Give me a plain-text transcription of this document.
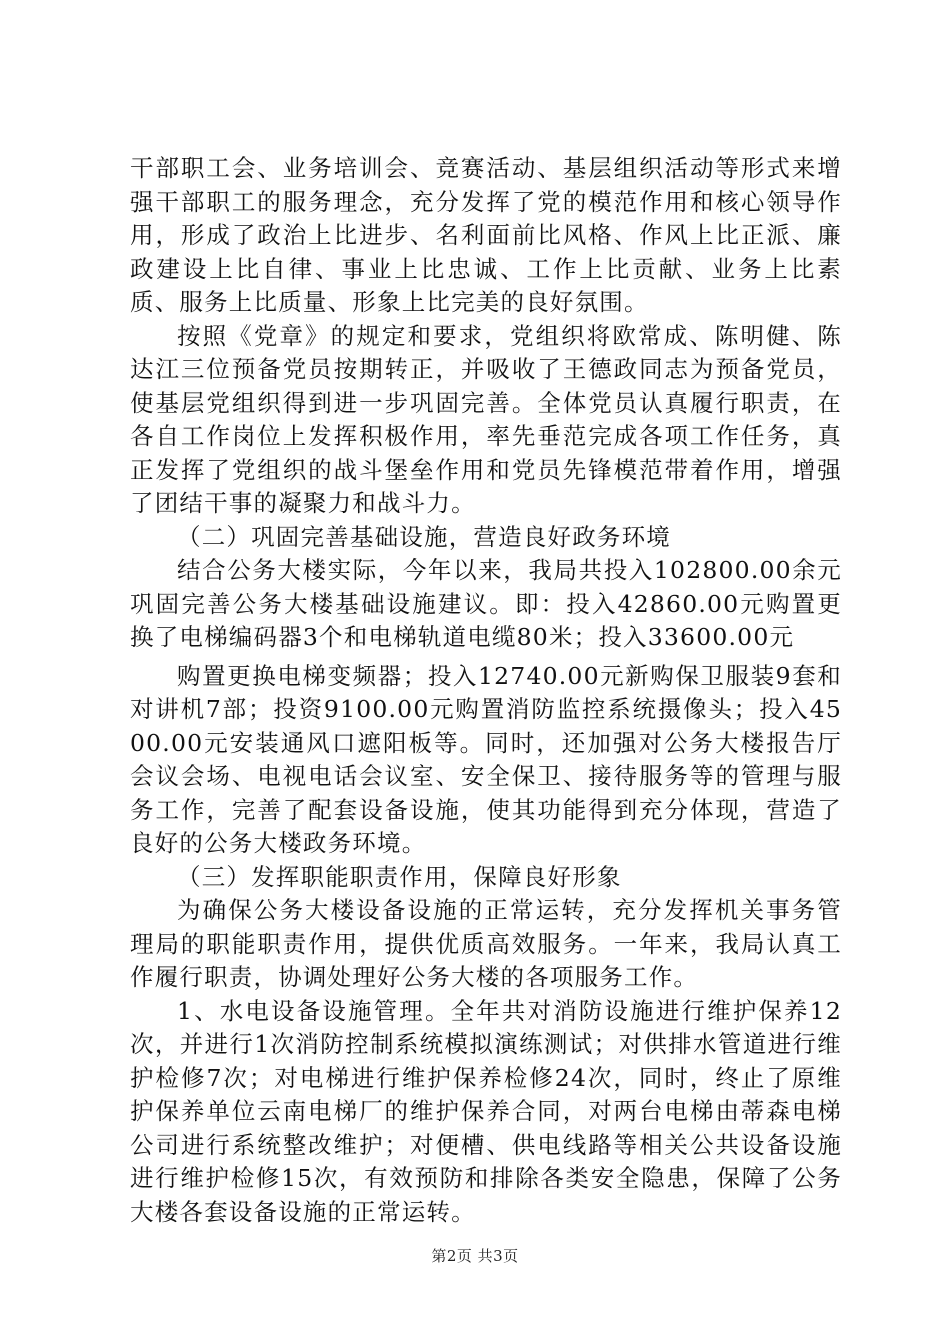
干部职工会、业务培训会、竞赛活动、基层组织活动等形式来增强干部职工的服务理念，充分发挥了党的模范作用和核心领导作用，形成了政治上比进步、名利面前比风格、作风上比正派、廉政建设上比自律、事业上比忠诚、工作上比贡献、业务上比素质、服务上比质量、形象上比完美的良好氛围。

按照《党章》的规定和要求，党组织将欧常成、陈明健、陈达江三位预备党员按期转正，并吸收了王德政同志为预备党员，使基层党组织得到进一步巩固完善。全体党员认真履行职责，在各自工作岗位上发挥积极作用，率先垂范完成各项工作任务，真正发挥了党组织的战斗堡垒作用和党员先锋模范带着作用，增强了团结干事的凝聚力和战斗力。

（二）巩固完善基础设施，营造良好政务环境

结合公务大楼实际，今年以来，我局共投入102800.00余元巩固完善公务大楼基础设施建议。即：投入42860.00元购置更换了电梯编码器3个和电梯轨道电缆80米；投入33600.00元

购置更换电梯变频器；投入12740.00元新购保卫服装9套和对讲机7部；投资9100.00元购置消防监控系统摄像头；投入4500.00元安装通风口遮阳板等。同时，还加强对公务大楼报告厅会议会场、电视电话会议室、安全保卫、接待服务等的管理与服务工作，完善了配套设备设施，使其功能得到充分体现，营造了良好的公务大楼政务环境。

（三）发挥职能职责作用，保障良好形象

为确保公务大楼设备设施的正常运转，充分发挥机关事务管理局的职能职责作用，提供优质高效服务。一年来，我局认真工作履行职责，协调处理好公务大楼的各项服务工作。

1、水电设备设施管理。全年共对消防设施进行维护保养12次，并进行1次消防控制系统模拟演练测试；对供排水管道进行维护检修7次；对电梯进行维护保养检修24次，同时，终止了原维护保养单位云南电梯厂的维护保养合同，对两台电梯由蒂森电梯公司进行系统整改维护；对便槽、供电线路等相关公共设备设施进行维护检修15次，有效预防和排除各类安全隐患，保障了公务大楼各套设备设施的正常运转。

第2页 共3页
